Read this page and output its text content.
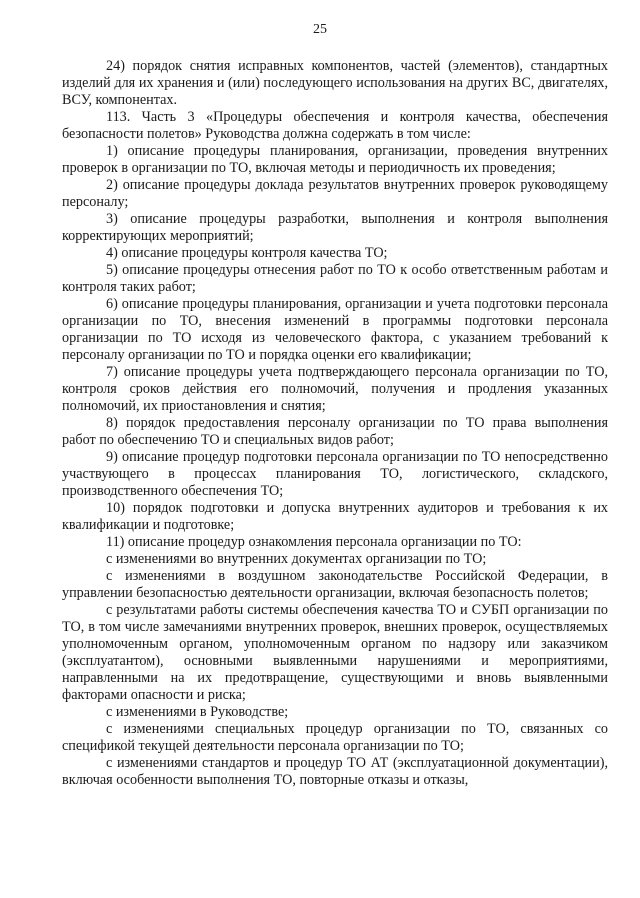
25

24) порядок снятия исправных компонентов, частей (элементов), стандартных изделий для их хранения и (или) последующего использования на других ВС, двигателях, ВСУ, компонентах.

113. Часть 3 «Процедуры обеспечения и контроля качества, обеспечения безопасности полетов» Руководства должна содержать в том числе:

1) описание процедуры планирования, организации, проведения внутренних проверок в организации по ТО, включая методы и периодичность их проведения;

2) описание процедуры доклада результатов внутренних проверок руководящему персоналу;

3) описание процедуры разработки, выполнения и контроля выполнения корректирующих мероприятий;

4) описание процедуры контроля качества ТО;

5) описание процедуры отнесения работ по ТО к особо ответственным работам и контроля таких работ;

6) описание процедуры планирования, организации и учета подготовки персонала организации по ТО, внесения изменений в программы подготовки персонала организации по ТО исходя из человеческого фактора, с указанием требований к персоналу организации по ТО и порядка оценки его квалификации;

7) описание процедуры учета подтверждающего персонала организации по ТО, контроля сроков действия его полномочий, получения и продления указанных полномочий, их приостановления и снятия;

8) порядок предоставления персоналу организации по ТО права выполнения работ по обеспечению ТО и специальных видов работ;

9) описание процедур подготовки персонала организации по ТО непосредственно участвующего в процессах планирования ТО, логистического, складского, производственного обеспечения ТО;

10) порядок подготовки и допуска внутренних аудиторов и требования к их квалификации и подготовке;

11) описание процедур ознакомления персонала организации по ТО:

с изменениями во внутренних документах организации по ТО;

с изменениями в воздушном законодательстве Российской Федерации, в управлении безопасностью деятельности организации, включая безопасность полетов;

с результатами работы системы обеспечения качества ТО и СУБП организации по ТО, в том числе замечаниями внутренних проверок, внешних проверок, осуществляемых уполномоченным органом, уполномоченным органом по надзору или заказчиком (эксплуатантом), основными выявленными нарушениями и мероприятиями, направленными на их предотвращение, существующими и вновь выявленными факторами опасности и риска;

с изменениями в Руководстве;

с изменениями специальных процедур организации по ТО, связанных со спецификой текущей деятельности персонала организации по ТО;

с изменениями стандартов и процедур ТО АТ (эксплуатационной документации), включая особенности выполнения ТО, повторные отказы и отказы,
